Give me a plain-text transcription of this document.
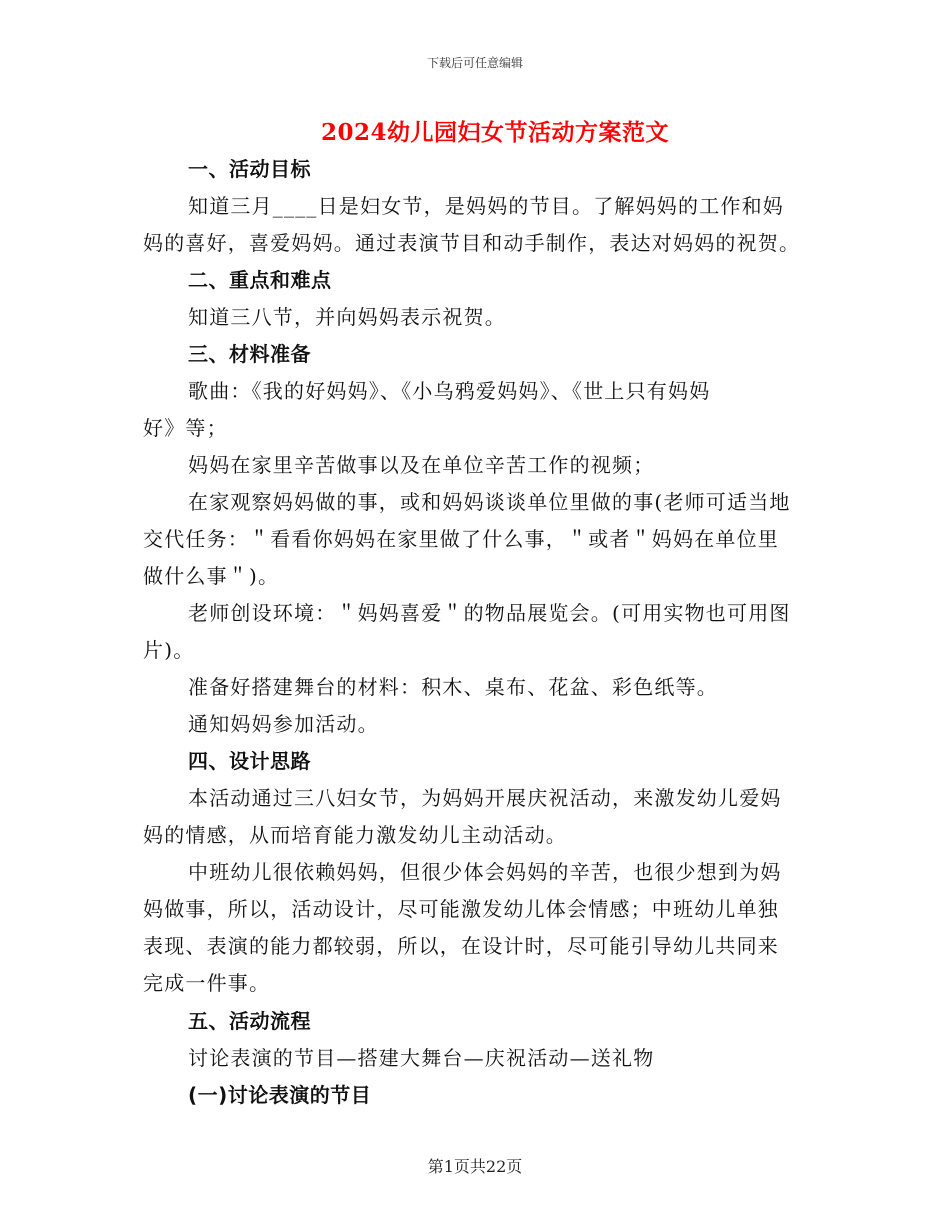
下载后可任意编辑
2024幼儿园妇女节活动方案范文
一、活动目标
知道三月____日是妇女节，是妈妈的节目。了解妈妈的工作和妈
妈的喜好，喜爱妈妈。通过表演节目和动手制作，表达对妈妈的祝贺。
二、重点和难点
知道三八节，并向妈妈表示祝贺。
三、材料准备
歌曲：《我的好妈妈》、《小乌鸦爱妈妈》、《世上只有妈妈
好》等；
妈妈在家里辛苦做事以及在单位辛苦工作的视频；
在家观察妈妈做的事，或和妈妈谈谈单位里做的事(老师可适当地
交代任务：＂看看你妈妈在家里做了什么事，＂或者＂妈妈在单位里
做什么事＂)。
老师创设环境：＂妈妈喜爱＂的物品展览会。(可用实物也可用图
片)。
准备好搭建舞台的材料：积木、桌布、花盆、彩色纸等。
通知妈妈参加活动。
四、设计思路
本活动通过三八妇女节，为妈妈开展庆祝活动，来激发幼儿爱妈
妈的情感，从而培育能力激发幼儿主动活动。
中班幼儿很依赖妈妈，但很少体会妈妈的辛苦，也很少想到为妈
妈做事，所以，活动设计，尽可能激发幼儿体会情感；中班幼儿单独
表现、表演的能力都较弱，所以，在设计时，尽可能引导幼儿共同来
完成一件事。
五、活动流程
讨论表演的节目—搭建大舞台—庆祝活动—送礼物
(一)讨论表演的节目
第1页共22页
